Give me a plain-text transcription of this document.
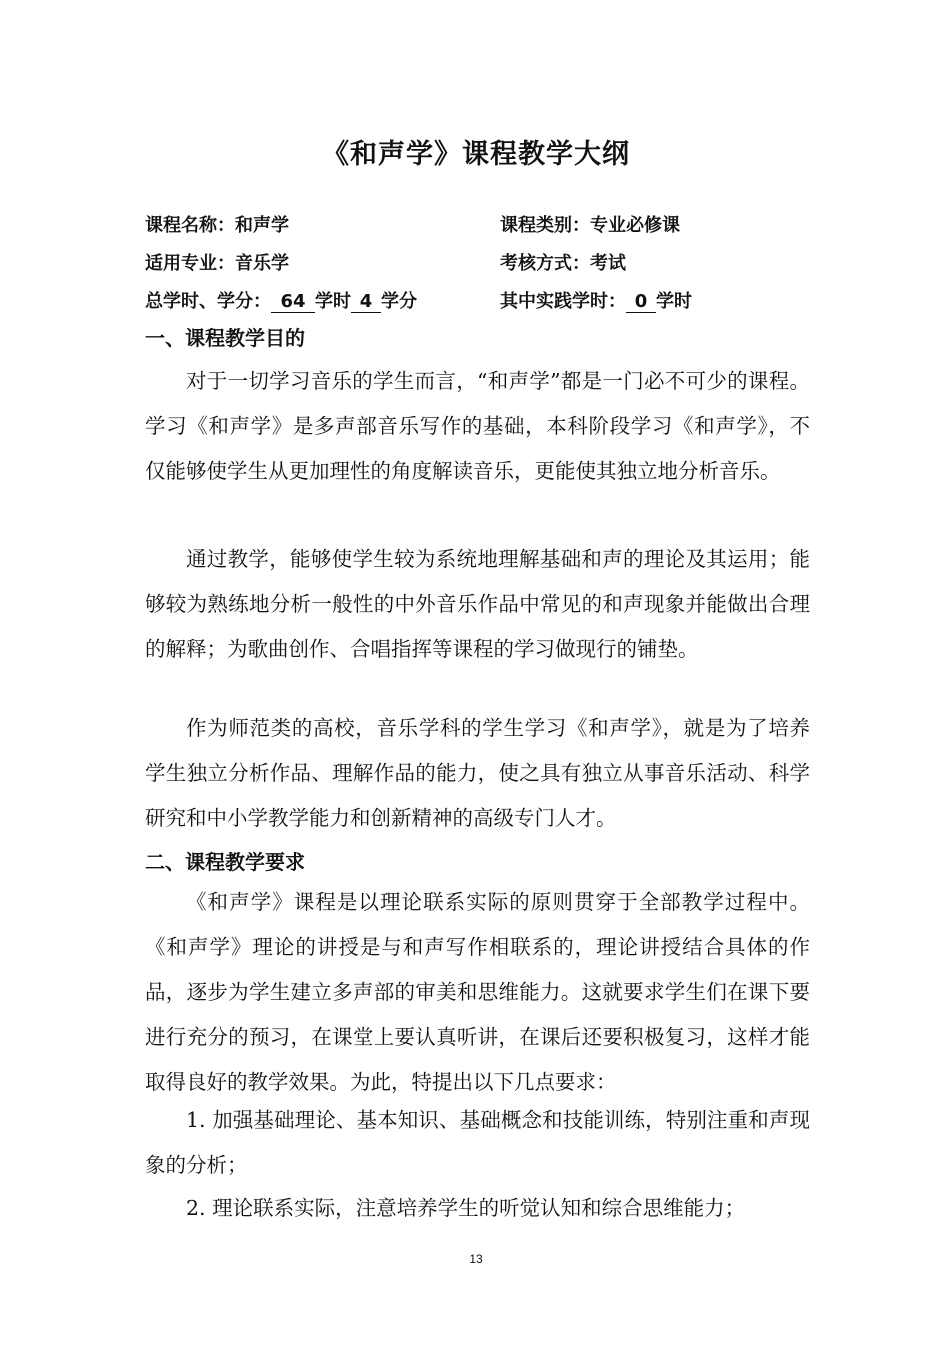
《和声学》课程教学大纲
课程名称：和声学	课程类别：专业必修课
适用专业：音乐学	考核方式：考试
总学时、学分： 64 学时 4 学分	其中实践学时： 0 学时
一、课程教学目的

对于一切学习音乐的学生而言，“和声学”都是一门必不可少的课程。学习《和声学》是多声部音乐写作的基础，本科阶段学习《和声学》，不仅能够使学生从更加理性的角度解读音乐，更能使其独立地分析音乐。

通过教学，能够使学生较为系统地理解基础和声的理论及其运用；能够较为熟练地分析一般性的中外音乐作品中常见的和声现象并能做出合理的解释；为歌曲创作、合唱指挥等课程的学习做现行的铺垫。

作为师范类的高校，音乐学科的学生学习《和声学》，就是为了培养学生独立分析作品、理解作品的能力，使之具有独立从事音乐活动、科学研究和中小学教学能力和创新精神的高级专门人才。

二、课程教学要求

《和声学》课程是以理论联系实际的原则贯穿于全部教学过程中。《和声学》理论的讲授是与和声写作相联系的，理论讲授结合具体的作品，逐步为学生建立多声部的审美和思维能力。这就要求学生们在课下要进行充分的预习，在课堂上要认真听讲，在课后还要积极复习，这样才能取得良好的教学效果。为此，特提出以下几点要求：

1. 加强基础理论、基本知识、基础概念和技能训练，特别注重和声现象的分析；

2. 理论联系实际，注意培养学生的听觉认知和综合思维能力；

13
